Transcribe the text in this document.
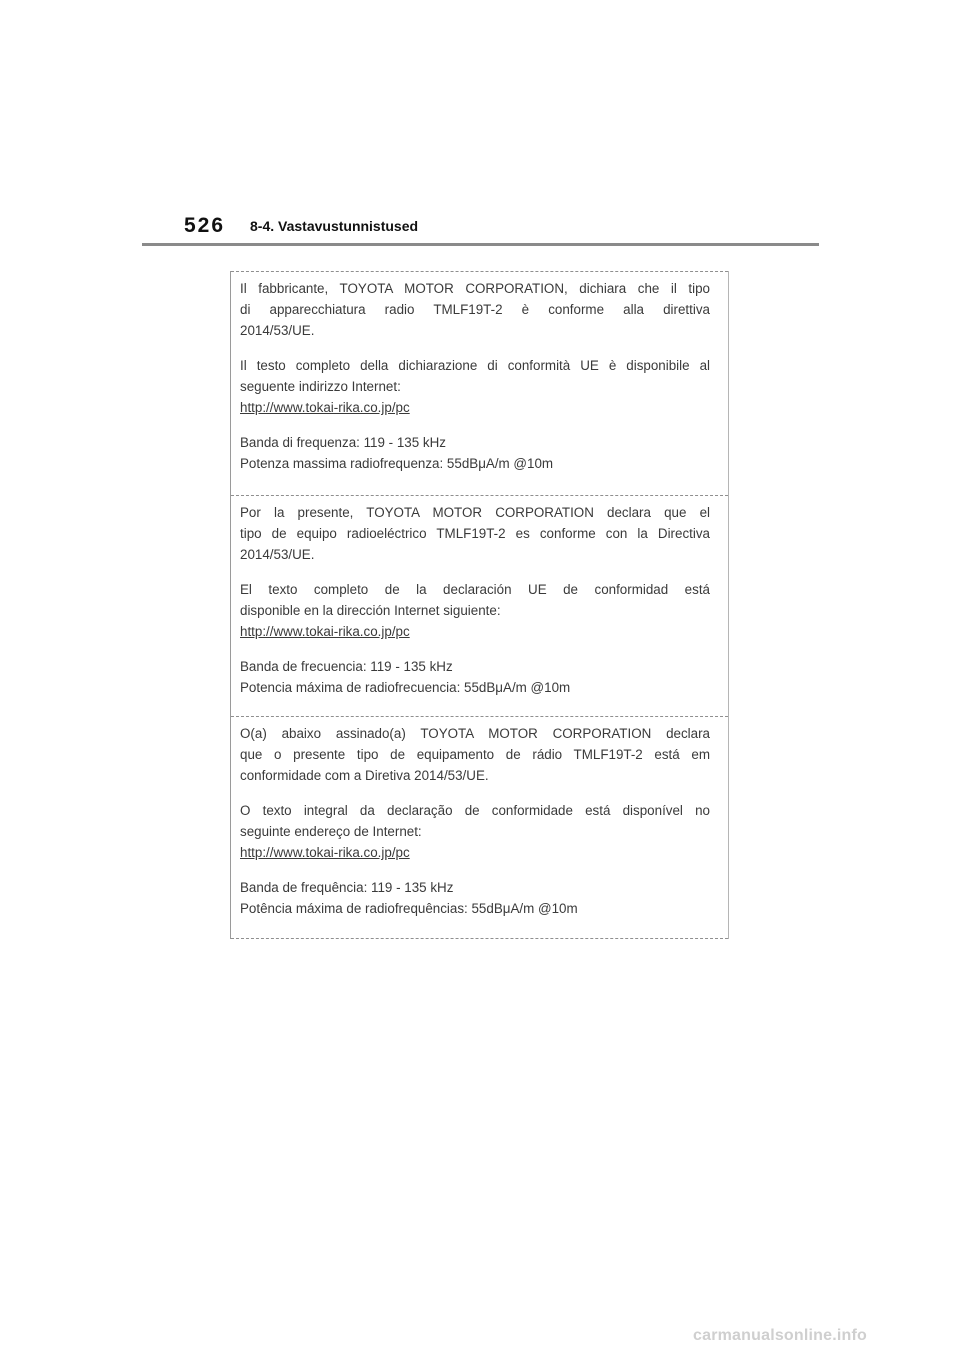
526 8-4. Vastavustunnistused
Il fabbricante, TOYOTA MOTOR CORPORATION, dichiara che il tipo
di apparecchiatura radio TMLF19T-2 è conforme alla direttiva
2014/53/UE.
Il testo completo della dichiarazione di conformità UE è disponibile al
seguente indirizzo Internet:
http://www.tokai-rika.co.jp/pc
Banda di frequenza: 119 - 135 kHz
Potenza massima radiofrequenza: 55dBμA/m @10m
Por la presente, TOYOTA MOTOR CORPORATION declara que el
tipo de equipo radioeléctrico TMLF19T-2 es conforme con la Directiva
2014/53/UE.
El texto completo de la declaración UE de conformidad está
disponible en la dirección Internet siguiente:
http://www.tokai-rika.co.jp/pc
Banda de frecuencia: 119 - 135 kHz
Potencia máxima de radiofrecuencia: 55dBμA/m @10m
O(a) abaixo assinado(a) TOYOTA MOTOR CORPORATION declara
que o presente tipo de equipamento de rádio TMLF19T-2 está em
conformidade com a Diretiva 2014/53/UE.
O texto integral da declaração de conformidade está disponível no
seguinte endereço de Internet:
http://www.tokai-rika.co.jp/pc
Banda de frequência: 119 - 135 kHz
Potência máxima de radiofrequências: 55dBμA/m @10m
carmanualsonline.info
